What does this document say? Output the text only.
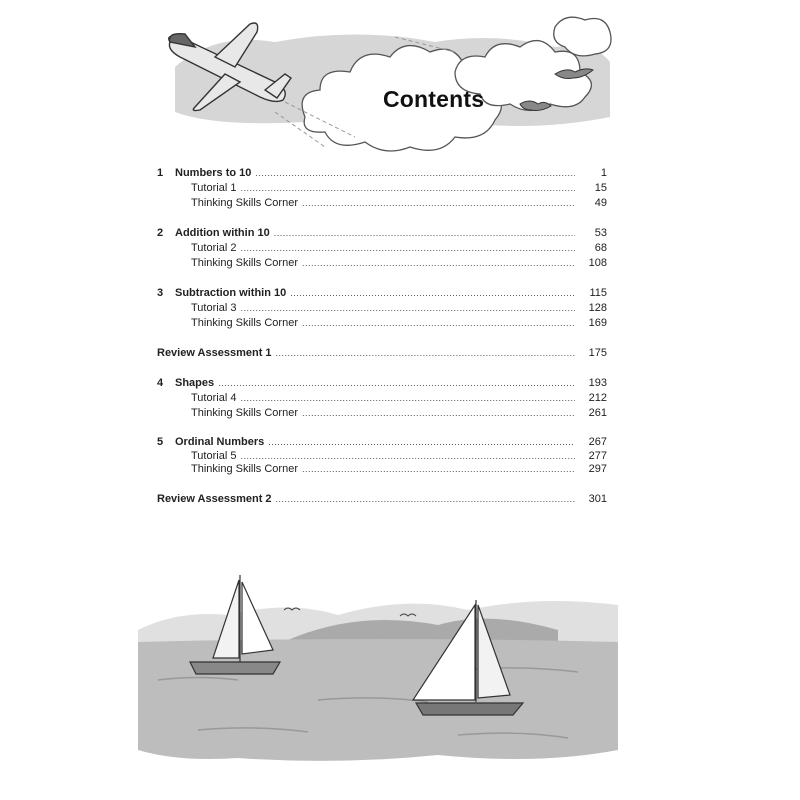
Contents
1	Numbers to 10 .....	1
Tutorial 1 .....	15
Thinking Skills Corner .....	49
2	Addition within 10 .....	53
Tutorial 2 .....	68
Thinking Skills Corner .....	108
3	Subtraction within 10 .....	115
Tutorial 3 .....	128
Thinking Skills Corner .....	169
Review Assessment 1 .....	175
4	Shapes .....	193
Tutorial 4 .....	212
Thinking Skills Corner .....	261
5	Ordinal Numbers .....	267
Tutorial 5 .....	277
Thinking Skills Corner .....	297
Review Assessment 2 .....	301
